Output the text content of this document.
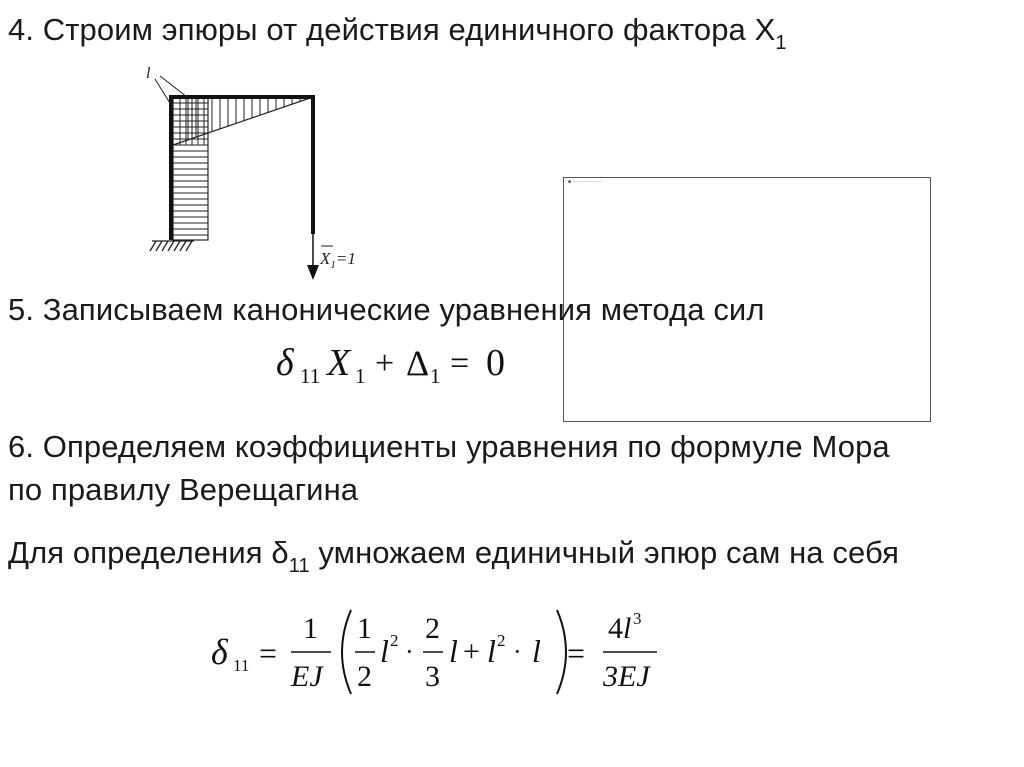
4. Строим эпюры от действия единичного фактора $X_1$
l
$X_1=1$
■ ···· ········ ····
5. Записываем канонические уравнения метода сил
δ 11 X 1 + Δ 1 = 0
6. Определяем коэффициенты уравнения по формуле Мора
по правилу Верещагина
Для определения $\delta_{11}$ умножаем единичный эпюр сам на себя
δ 11 =
1
EJ
1
2
l 2 ·
2
3
l + l 2 · l =
4 l 3
3EJ
